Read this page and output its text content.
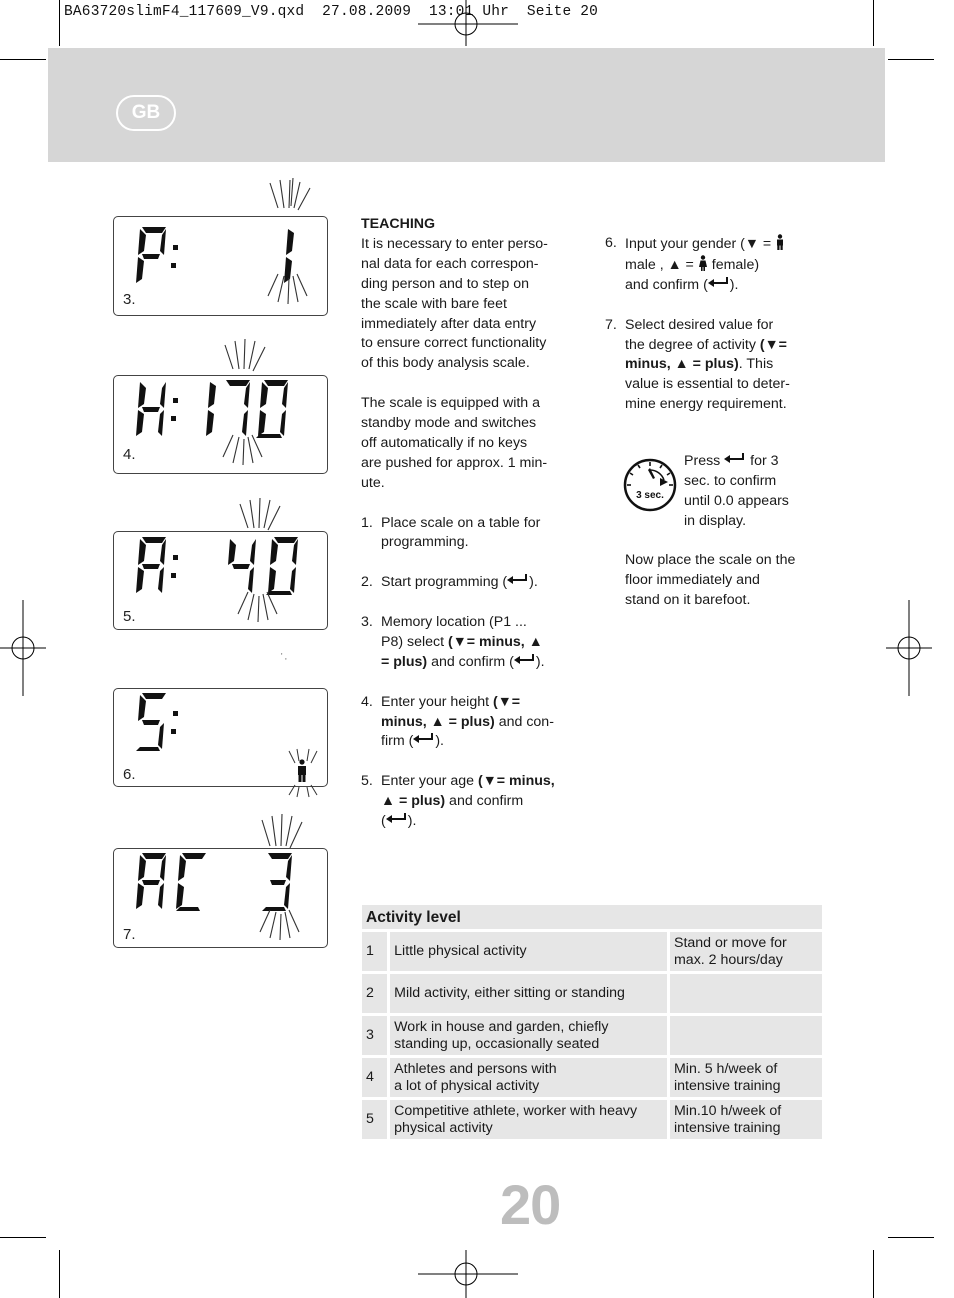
BA63720slimF4_117609_V9.qxd  27.08.2009  13:01 Uhr  Seite 20
GB
3.
4.
5.
' ,
6.
7.
TEACHING

It is necessary to enter perso-
nal data for each correspon-
ding person and to step on
the scale with bare feet
immediately after data entry
to ensure correct functionality
of this body analysis scale.

The scale is equipped with a
standby mode and switches
off automatically if no keys
are pushed for approx. 1 min-
ute.

1. Place scale on a table for
programming.

2. Start programming ( ).

3. Memory location (P1 ...
P8) select (▼= minus, ▲
= plus) and confirm ( ).

4. Enter your height (▼=
minus, ▲ = plus) and con-
firm ( ).

5. Enter your age (▼= minus,
▲ = plus) and confirm
( ).

6. Input your gender (▼ =
male , ▲ = female)
and confirm ( ).

7. Select desired value for
the degree of activity (▼=
minus, ▲ = plus). This
value is essential to deter-
mine energy requirement.

3 sec.
Press for 3
sec. to confirm
until 0.0 appears
in display.
Now place the scale on the
floor immediately and
stand on it barefoot.
Activity level		
1	Little physical activity	Stand or move for
max. 2 hours/day
2	Mild activity, either sitting or standing	
3	Work in house and garden, chiefly
standing up, occasionally seated	
4	Athletes and persons with
a lot of physical activity	Min. 5 h/week of
intensive training
5	Competitive athlete, worker with heavy
physical activity	Min.10 h/week of
intensive training
20
